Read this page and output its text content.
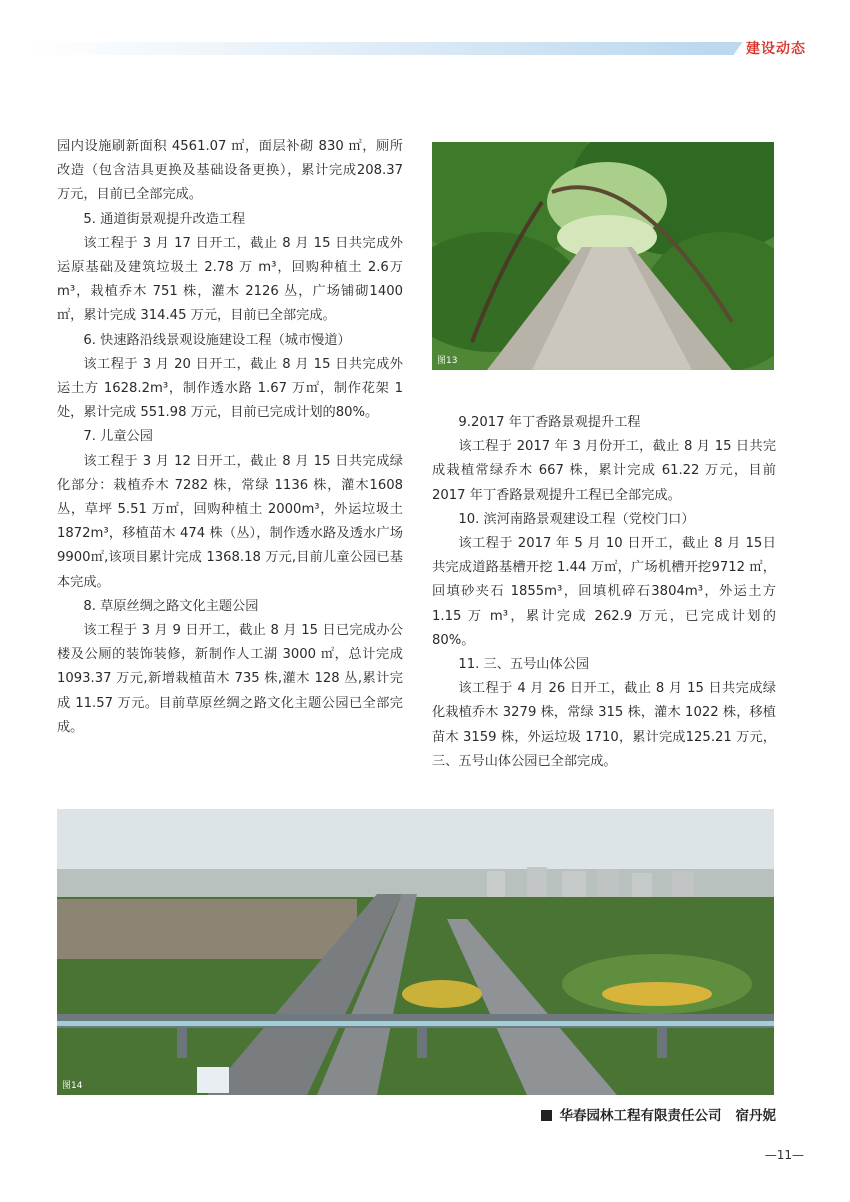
建设动态

园内设施刷新面积 4561.07 ㎡，面层补砌 830 ㎡，厕所改造（包含洁具更换及基础设备更换），累计完成208.37 万元，目前已全部完成。

5. 通道街景观提升改造工程

该工程于 3 月 17 日开工，截止 8 月 15 日共完成外运原基础及建筑垃圾土 2.78 万 m³，回购种植土 2.6万 m³，栽植乔木 751 株，灌木 2126 丛，广场铺砌1400 ㎡，累计完成 314.45 万元，目前已全部完成。

6. 快速路沿线景观设施建设工程（城市慢道）

该工程于 3 月 20 日开工，截止 8 月 15 日共完成外运土方 1628.2m³，制作透水路 1.67 万㎡，制作花架 1 处，累计完成 551.98 万元，目前已完成计划的80%。

7. 儿童公园

该工程于 3 月 12 日开工，截止 8 月 15 日共完成绿化部分：栽植乔木 7282 株，常绿 1136 株，灌木1608 丛，草坪 5.51 万㎡，回购种植土 2000m³，外运垃圾土 1872m³，移植苗木 474 株（丛），制作透水路及透水广场 9900㎡,该项目累计完成 1368.18 万元,目前儿童公园已基本完成。

8. 草原丝绸之路文化主题公园

该工程于 3 月 9 日开工，截止 8 月 15 日已完成办公楼及公厕的装饰装修，新制作人工湖 3000 ㎡，总计完成 1093.37 万元,新增栽植苗木 735 株,灌木 128 丛,累计完成 11.57 万元。目前草原丝绸之路文化主题公园已全部完成。

图13

9.2017 年丁香路景观提升工程

该工程于 2017 年 3 月份开工，截止 8 月 15 日共完成栽植常绿乔木 667 株，累计完成 61.22 万元，目前 2017 年丁香路景观提升工程已全部完成。

10. 滨河南路景观建设工程（党校门口）

该工程于 2017 年 5 月 10 日开工，截止 8 月 15日共完成道路基槽开挖 1.44 万㎡，广场机槽开挖9712 ㎡，回填砂夹石 1855m³，回填机碎石3804m³，外运土方 1.15 万 m³，累计完成 262.9 万元，已完成计划的 80%。

11. 三、五号山体公园

该工程于 4 月 26 日开工，截止 8 月 15 日共完成绿化栽植乔木 3279 株，常绿 315 株，灌木 1022 株，移植苗木 3159 株，外运垃圾 1710，累计完成125.21 万元，三、五号山体公园已全部完成。

图14
华春园林工程有限责任公司 宿丹妮
—11—
